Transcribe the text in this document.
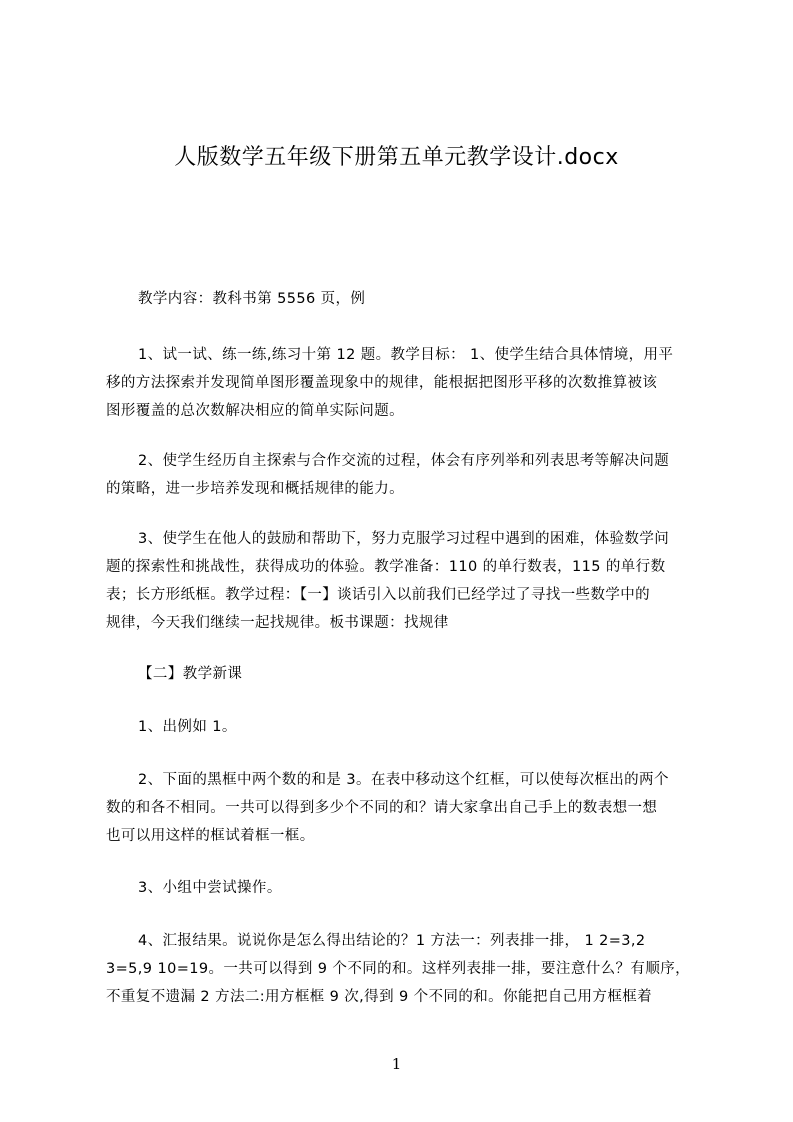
人版数学五年级下册第五单元教学设计.docx
教学内容：教科书第 5556 页，例
1、试一试、练一练,练习十第 12 题。教学目标： 1、使学生结合具体情境，用平
移的方法探索并发现简单图形覆盖现象中的规律，能根据把图形平移的次数推算被该
图形覆盖的总次数解决相应的简单实际问题。
2、使学生经历自主探索与合作交流的过程，体会有序列举和列表思考等解决问题
的策略，进一步培养发现和概括规律的能力。
3、使学生在他人的鼓励和帮助下，努力克服学习过程中遇到的困难，体验数学问
题的探索性和挑战性，获得成功的体验。教学准备：110 的单行数表，115 的单行数
表；长方形纸框。教学过程：【一】谈话引入以前我们已经学过了寻找一些数学中的
规律，今天我们继续一起找规律。板书课题：找规律
【二】教学新课
1、出例如 1。
2、下面的黑框中两个数的和是 3。在表中移动这个红框，可以使每次框出的两个
数的和各不相同。一共可以得到多少个不同的和？请大家拿出自己手上的数表想一想
也可以用这样的框试着框一框。
3、小组中尝试操作。
4、汇报结果。说说你是怎么得出结论的？1 方法一：列表排一排， 1 2=3,2
3=5,9 10=19。一共可以得到 9 个不同的和。这样列表排一排，要注意什么？有顺序，
不重复不遗漏 2 方法二:用方框框 9 次,得到 9 个不同的和。你能把自己用方框框着
1
